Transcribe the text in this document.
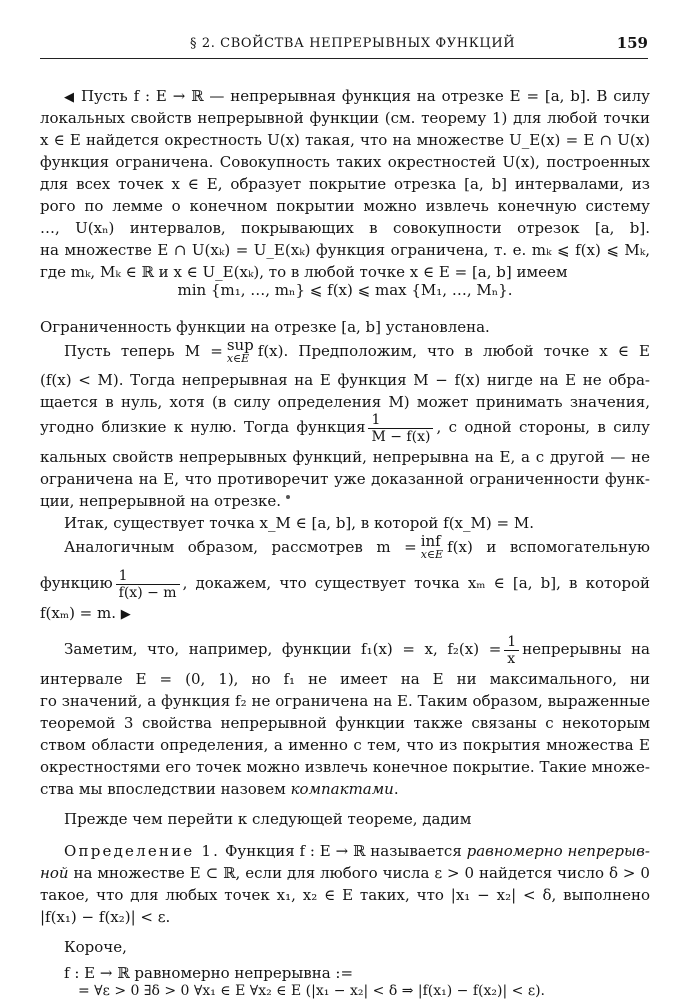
§ 2. СВОЙСТВА НЕПРЕРЫВНЫХ ФУНКЦИЙ	159
◀ Пусть f : E → ℝ — непрерывная функция на отрезке E = [a, b]. В силу
локальных свойств непрерывной функции (см. теорему 1) для любой точки
x ∈ E найдется окрестность U(x) такая, что на множестве U_E(x) = E ∩ U(x)
функция ограничена. Совокупность таких окрестностей U(x), построенных
для всех точек x ∈ E, образует покрытие отрезка [a, b] интервалами, из
рого по лемме о конечном покрытии можно извлечь конечную систему
…, U(xₙ) интервалов, покрывающих в совокупности отрезок [a, b].
на множестве E ∩ U(xₖ) = U_E(xₖ) функция ограничена, т. е. mₖ ⩽ f(x) ⩽ Mₖ,
где mₖ, Mₖ ∈ ℝ и x ∈ U_E(xₖ), то в любой точке x ∈ E = [a, b] имеем
min {m₁, …, mₙ} ⩽ f(x) ⩽ max {M₁, …, Mₙ}.
Ограниченность функции на отрезке [a, b] установлена.
Пусть теперь M = sup
x∈E f(x). Предположим, что в любой точке x ∈ E
(f(x) < M). Тогда непрерывная на E функция M − f(x) нигде на E не обра-
щается в нуль, хотя (в силу определения M) может принимать значения,
угодно близкие к нулю. Тогда функция $\frac{1}{M - f(x)}$ , с одной стороны, в силу
кальных свойств непрерывных функций, непрерывна на E, а с другой — не
ограничена на E, что противоречит уже доказанной ограниченности функ-
ции, непрерывной на отрезке.
Итак, существует точка x_M ∈ [a, b], в которой f(x_M) = M.
Аналогичным образом, рассмотрев m = inf
x∈E f(x) и вспомогательную
функцию $\frac{1}{f(x) - m}$ , докажем, что существует точка xₘ ∈ [a, b], в которой
f(xₘ) = m. ▶
Заметим, что, например, функции f₁(x) = x, $f_2(x) = \frac{1}{x}$ непрерывны на
интервале E = (0, 1), но f₁ не имеет на E ни максимального, ни
го значений, а функция f₂ не ограничена на E. Таким образом, выраженные
теоремой 3 свойства непрерывной функции также связаны с некоторым
ством области определения, а именно с тем, что из покрытия множества E
окрестностями его точек можно извлечь конечное покрытие. Такие множе-
ства мы впоследствии назовем компактами.
Прежде чем перейти к следующей теореме, дадим
Определение 1. Функция f : E → ℝ называется равномерно непрерыв-
ной на множестве E ⊂ ℝ, если для любого числа ε > 0 найдется число δ > 0
такое, что для любых точек x₁, x₂ ∈ E таких, что |x₁ − x₂| < δ, выполнено
|f(x₁) − f(x₂)| < ε.
Короче,
f : E → ℝ равномерно непрерывна :=
= ∀ε > 0 ∃δ > 0 ∀x₁ ∈ E ∀x₂ ∈ E (|x₁ − x₂| < δ ⇒ |f(x₁) − f(x₂)| < ε).
